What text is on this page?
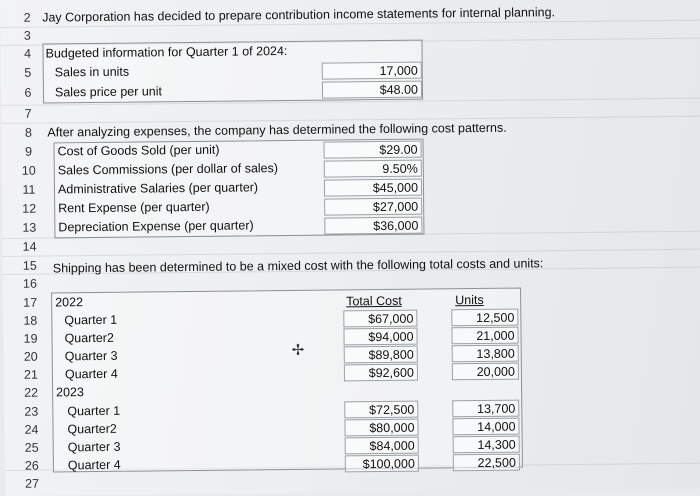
2
3
4
5
6
7
8
9
10
11
12
13
14
15
16
17
18
19
20
21
22
23
24
25
26
27
Jay Corporation has decided to prepare contribution income statements for internal planning.
Budgeted information for Quarter 1 of 2024:
Sales in units	17,000
Sales price per unit	$48.00
After analyzing expenses, the company has determined the following cost patterns.
Cost of Goods Sold (per unit)	$29.00
Sales Commissions (per dollar of sales)	9.50%
Administrative Salaries (per quarter)	$45,000
Rent Expense (per quarter)	$27,000
Depreciation Expense (per quarter)	$36,000
Shipping has been determined to be a mixed cost with the following total costs and units:
2022	Total Cost	Units
Quarter 1	$67,000	12,500
Quarter2	$94,000	21,000
Quarter 3	$89,800	13,800
Quarter 4	$92,600	20,000
2023
Quarter 1	$72,500	13,700
Quarter2	$80,000	14,000
Quarter 3	$84,000	14,300
Quarter 4	$100,000	22,500
✢
